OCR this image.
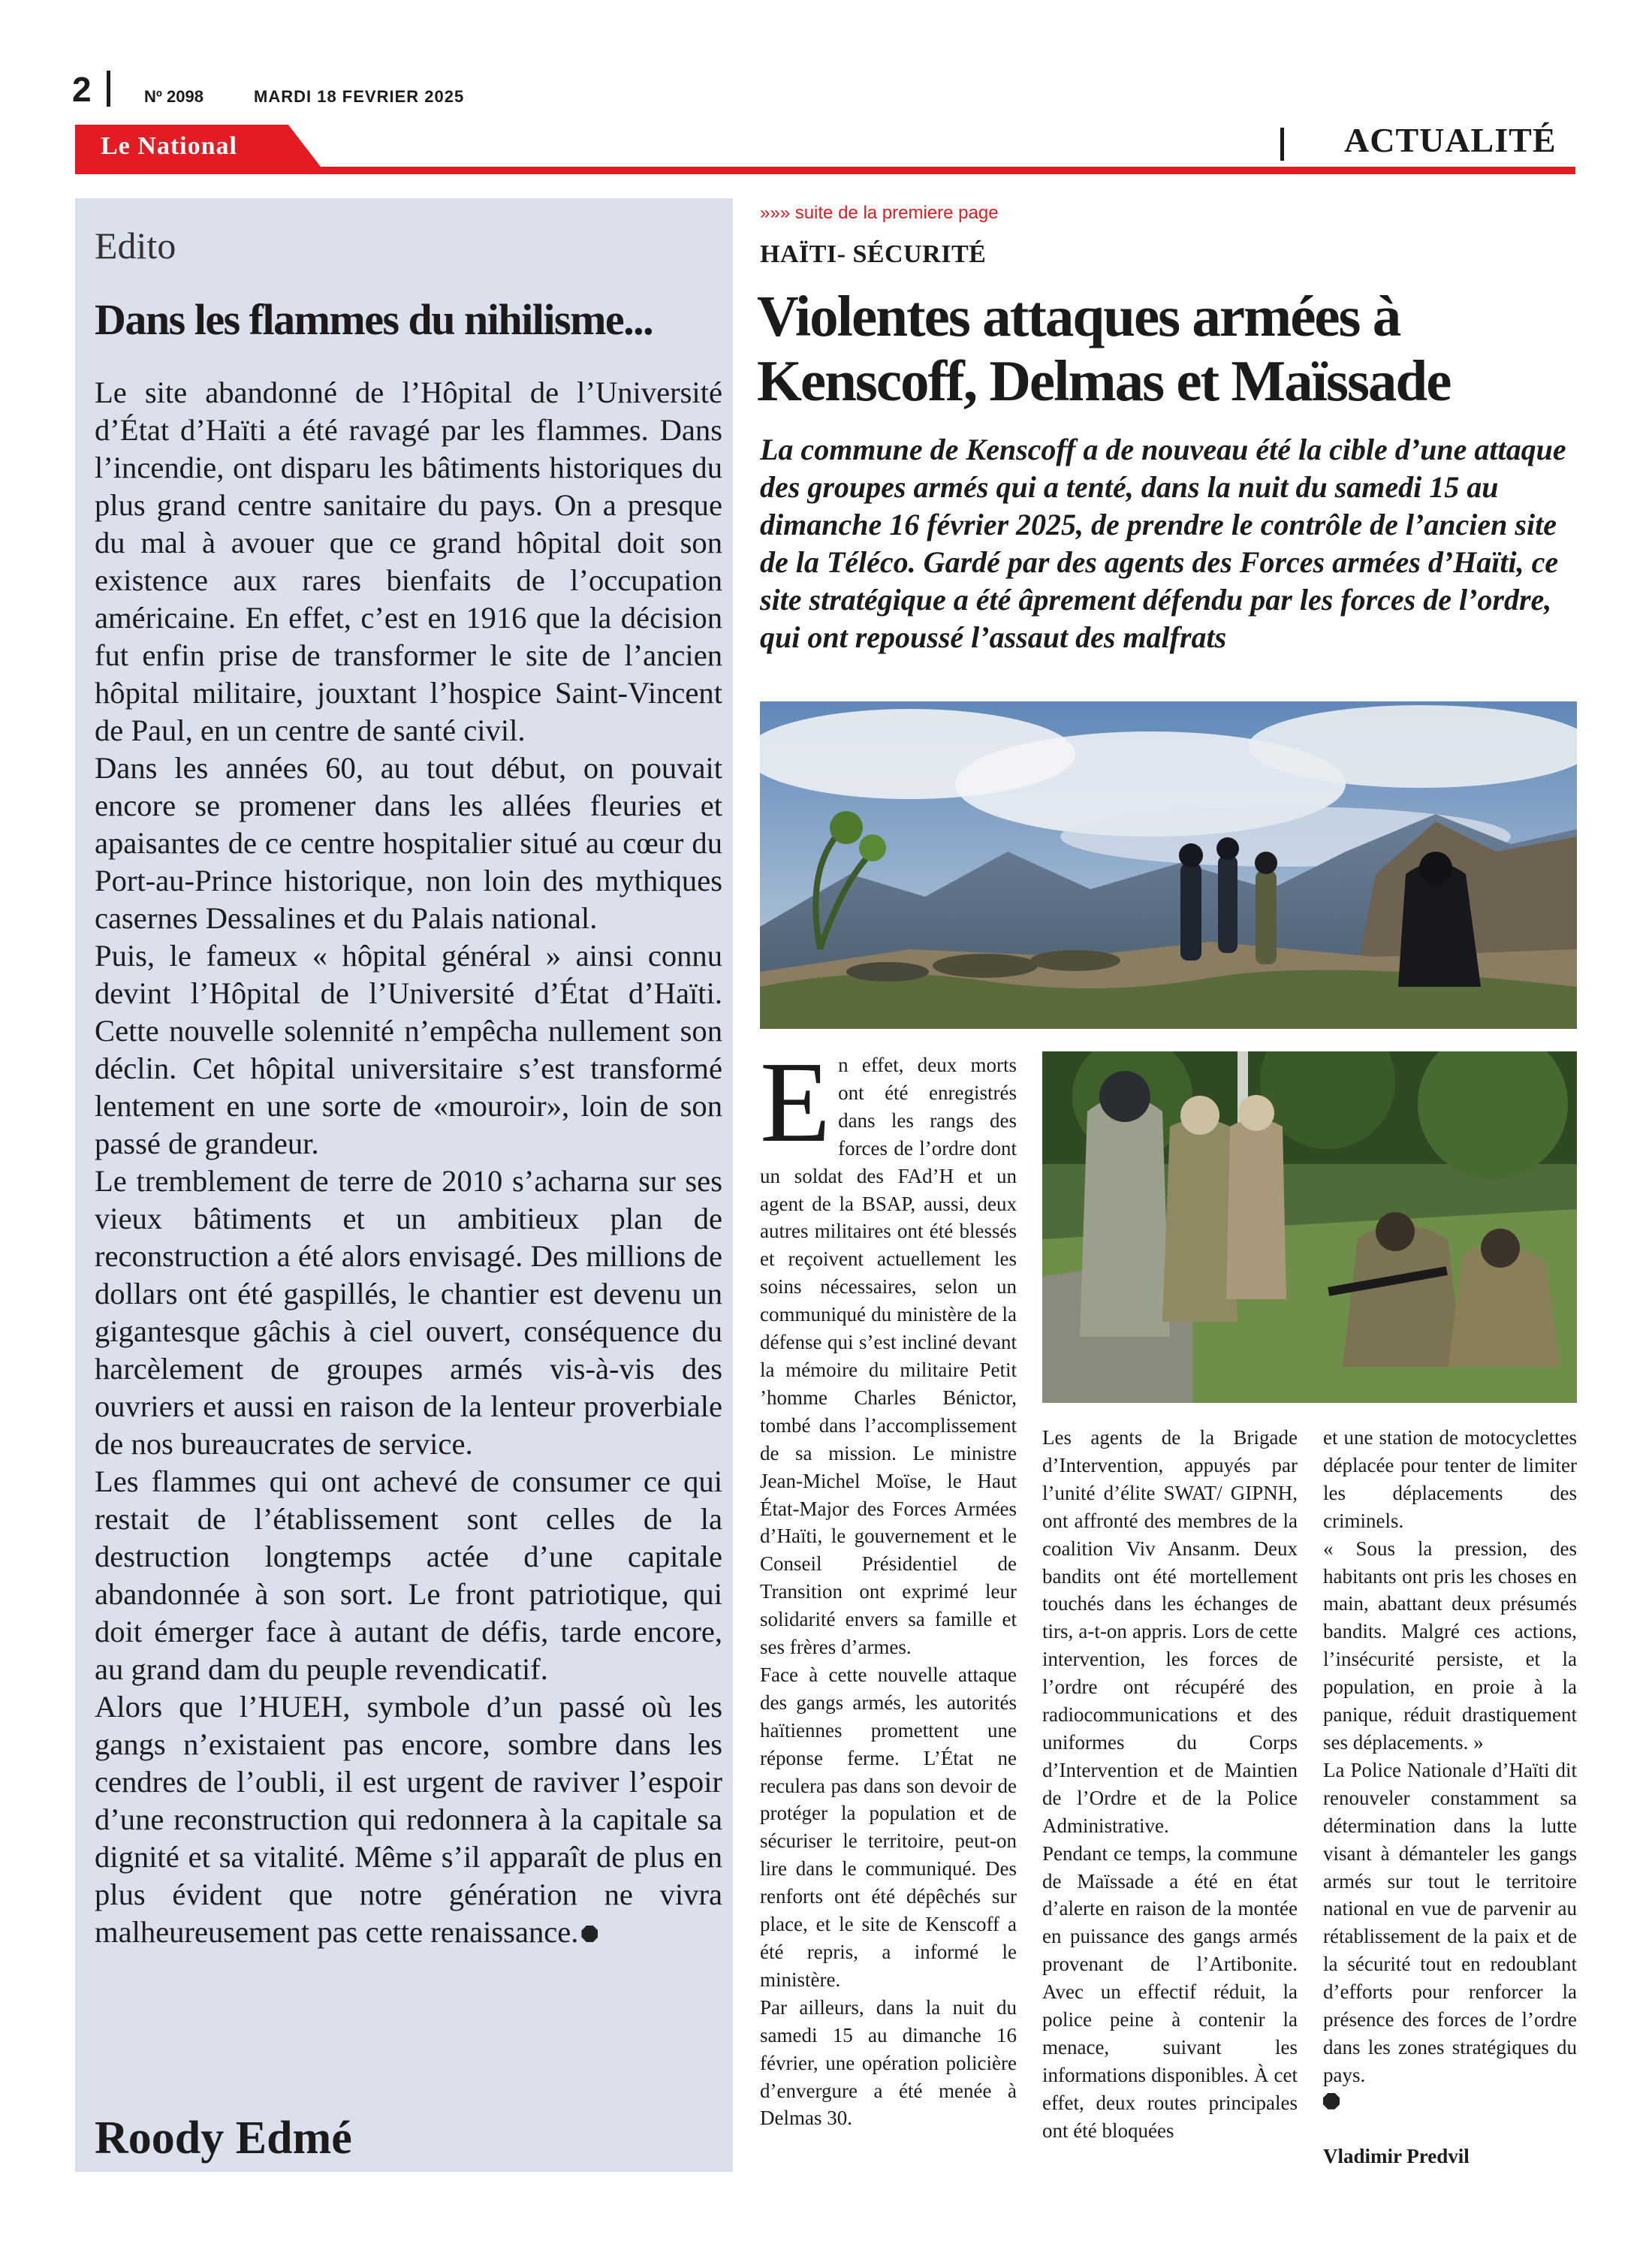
2	Nº 2098	MARDI 18 FEVRIER 2025
Le National	ACTUALITÉ
Edito
Dans les flammes du nihilisme...

Le site abandonné de l’Hôpital de l’Université d’État d’Haïti a été ravagé par les flammes. Dans l’incendie, ont disparu les bâtiments historiques du plus grand centre sanitaire du pays. On a presque du mal à avouer que ce grand hôpital doit son existence aux rares bienfaits de l’occupation américaine. En effet, c’est en 1916 que la décision fut enfin prise de transformer le site de l’ancien hôpital militaire, jouxtant l’hospice Saint-Vincent de Paul, en un centre de santé civil.

Dans les années 60, au tout début, on pouvait encore se promener dans les allées fleuries et apaisantes de ce centre hospitalier situé au cœur du Port-au-Prince historique, non loin des mythiques casernes Dessalines et du Palais national.

Puis, le fameux « hôpital général » ainsi connu devint l’Hôpital de l’Université d’État d’Haïti. Cette nouvelle solennité n’empêcha nullement son déclin. Cet hôpital universitaire s’est transformé lentement en une sorte de «mouroir», loin de son passé de grandeur.

Le tremblement de terre de 2010 s’acharna sur ses vieux bâtiments et un ambitieux plan de reconstruction a été alors envisagé. Des millions de dollars ont été gaspillés, le chantier est devenu un gigantesque gâchis à ciel ouvert, conséquence du harcèlement de groupes armés vis-à-vis des ouvriers et aussi en raison de la lenteur proverbiale de nos bureaucrates de service.

Les flammes qui ont achevé de consumer ce qui restait de l’établissement sont celles de la destruction longtemps actée d’une capitale abandonnée à son sort. Le front patriotique, qui doit émerger face à autant de défis, tarde encore, au grand dam du peuple revendicatif.

Alors que l’HUEH, symbole d’un passé où les gangs n’existaient pas encore, sombre dans les cendres de l’oubli, il est urgent de raviver l’espoir d’une reconstruction qui redonnera à la capitale sa dignité et sa vitalité. Même s’il apparaît de plus en plus évident que notre génération ne vivra malheureusement pas cette renaissance.

Roody Edmé
»»» suite de la premiere page
HAÏTI- SÉCURITÉ
Violentes attaques armées à Kenscoff, Delmas et Maïssade
La commune de Kenscoff a de nouveau été la cible d’une attaque des groupes armés qui a tenté, dans la nuit du samedi 15 au dimanche 16 février 2025, de prendre le contrôle de l’ancien site de la Téléco. Gardé par des agents des Forces armées d’Haïti, ce site stratégique a été âprement défendu par les forces de l’ordre, qui ont repoussé l’assaut des malfrats

En effet, deux morts ont été enregistrés dans les rangs des forces de l’ordre dont un soldat des FAd’H et un agent de la BSAP, aussi, deux autres militaires ont été blessés et reçoivent actuellement les soins nécessaires, selon un communiqué du ministère de la défense qui s’est incliné devant la mémoire du militaire Petit ’homme Charles Bénictor, tombé dans l’accomplissement de sa mission. Le ministre Jean-Michel Moïse, le Haut État-Major des Forces Armées d’Haïti, le gouvernement et le Conseil Présidentiel de Transition ont exprimé leur solidarité envers sa famille et ses frères d’armes.

Face à cette nouvelle attaque des gangs armés, les autorités haïtiennes promettent une réponse ferme. L’État ne reculera pas dans son devoir de protéger la population et de sécuriser le territoire, peut-on lire dans le communiqué. Des renforts ont été dépêchés sur place, et le site de Kenscoff a été repris, a informé le ministère.

Par ailleurs, dans la nuit du samedi 15 au dimanche 16 février, une opération policière d’envergure a été menée à Delmas 30.

Les agents de la Brigade d’Intervention, appuyés par l’unité d’élite SWAT/ GIPNH, ont affronté des membres de la coalition Viv Ansanm. Deux bandits ont été mortellement touchés dans les échanges de tirs, a-t-on appris. Lors de cette intervention, les forces de l’ordre ont récupéré des radiocommunications et des uniformes du Corps d’Intervention et de Maintien de l’Ordre et de la Police Administrative.

Pendant ce temps, la commune de Maïssade a été en état d’alerte en raison de la montée en puissance des gangs armés provenant de l’Artibonite. Avec un effectif réduit, la police peine à contenir la menace, suivant les informations disponibles. À cet effet, deux routes principales ont été bloquées

et une station de motocyclettes déplacée pour tenter de limiter les déplacements des criminels.

« Sous la pression, des habitants ont pris les choses en main, abattant deux présumés bandits. Malgré ces actions, l’insécurité persiste, et la population, en proie à la panique, réduit drastiquement ses déplacements. »

La Police Nationale d’Haïti dit renouveler constamment sa détermination dans la lutte visant à démanteler les gangs armés sur tout le territoire national en vue de parvenir au rétablissement de la paix et de la sécurité tout en redoublant d’efforts pour renforcer la présence des forces de l’ordre dans les zones stratégiques du pays.

Vladimir Predvil
